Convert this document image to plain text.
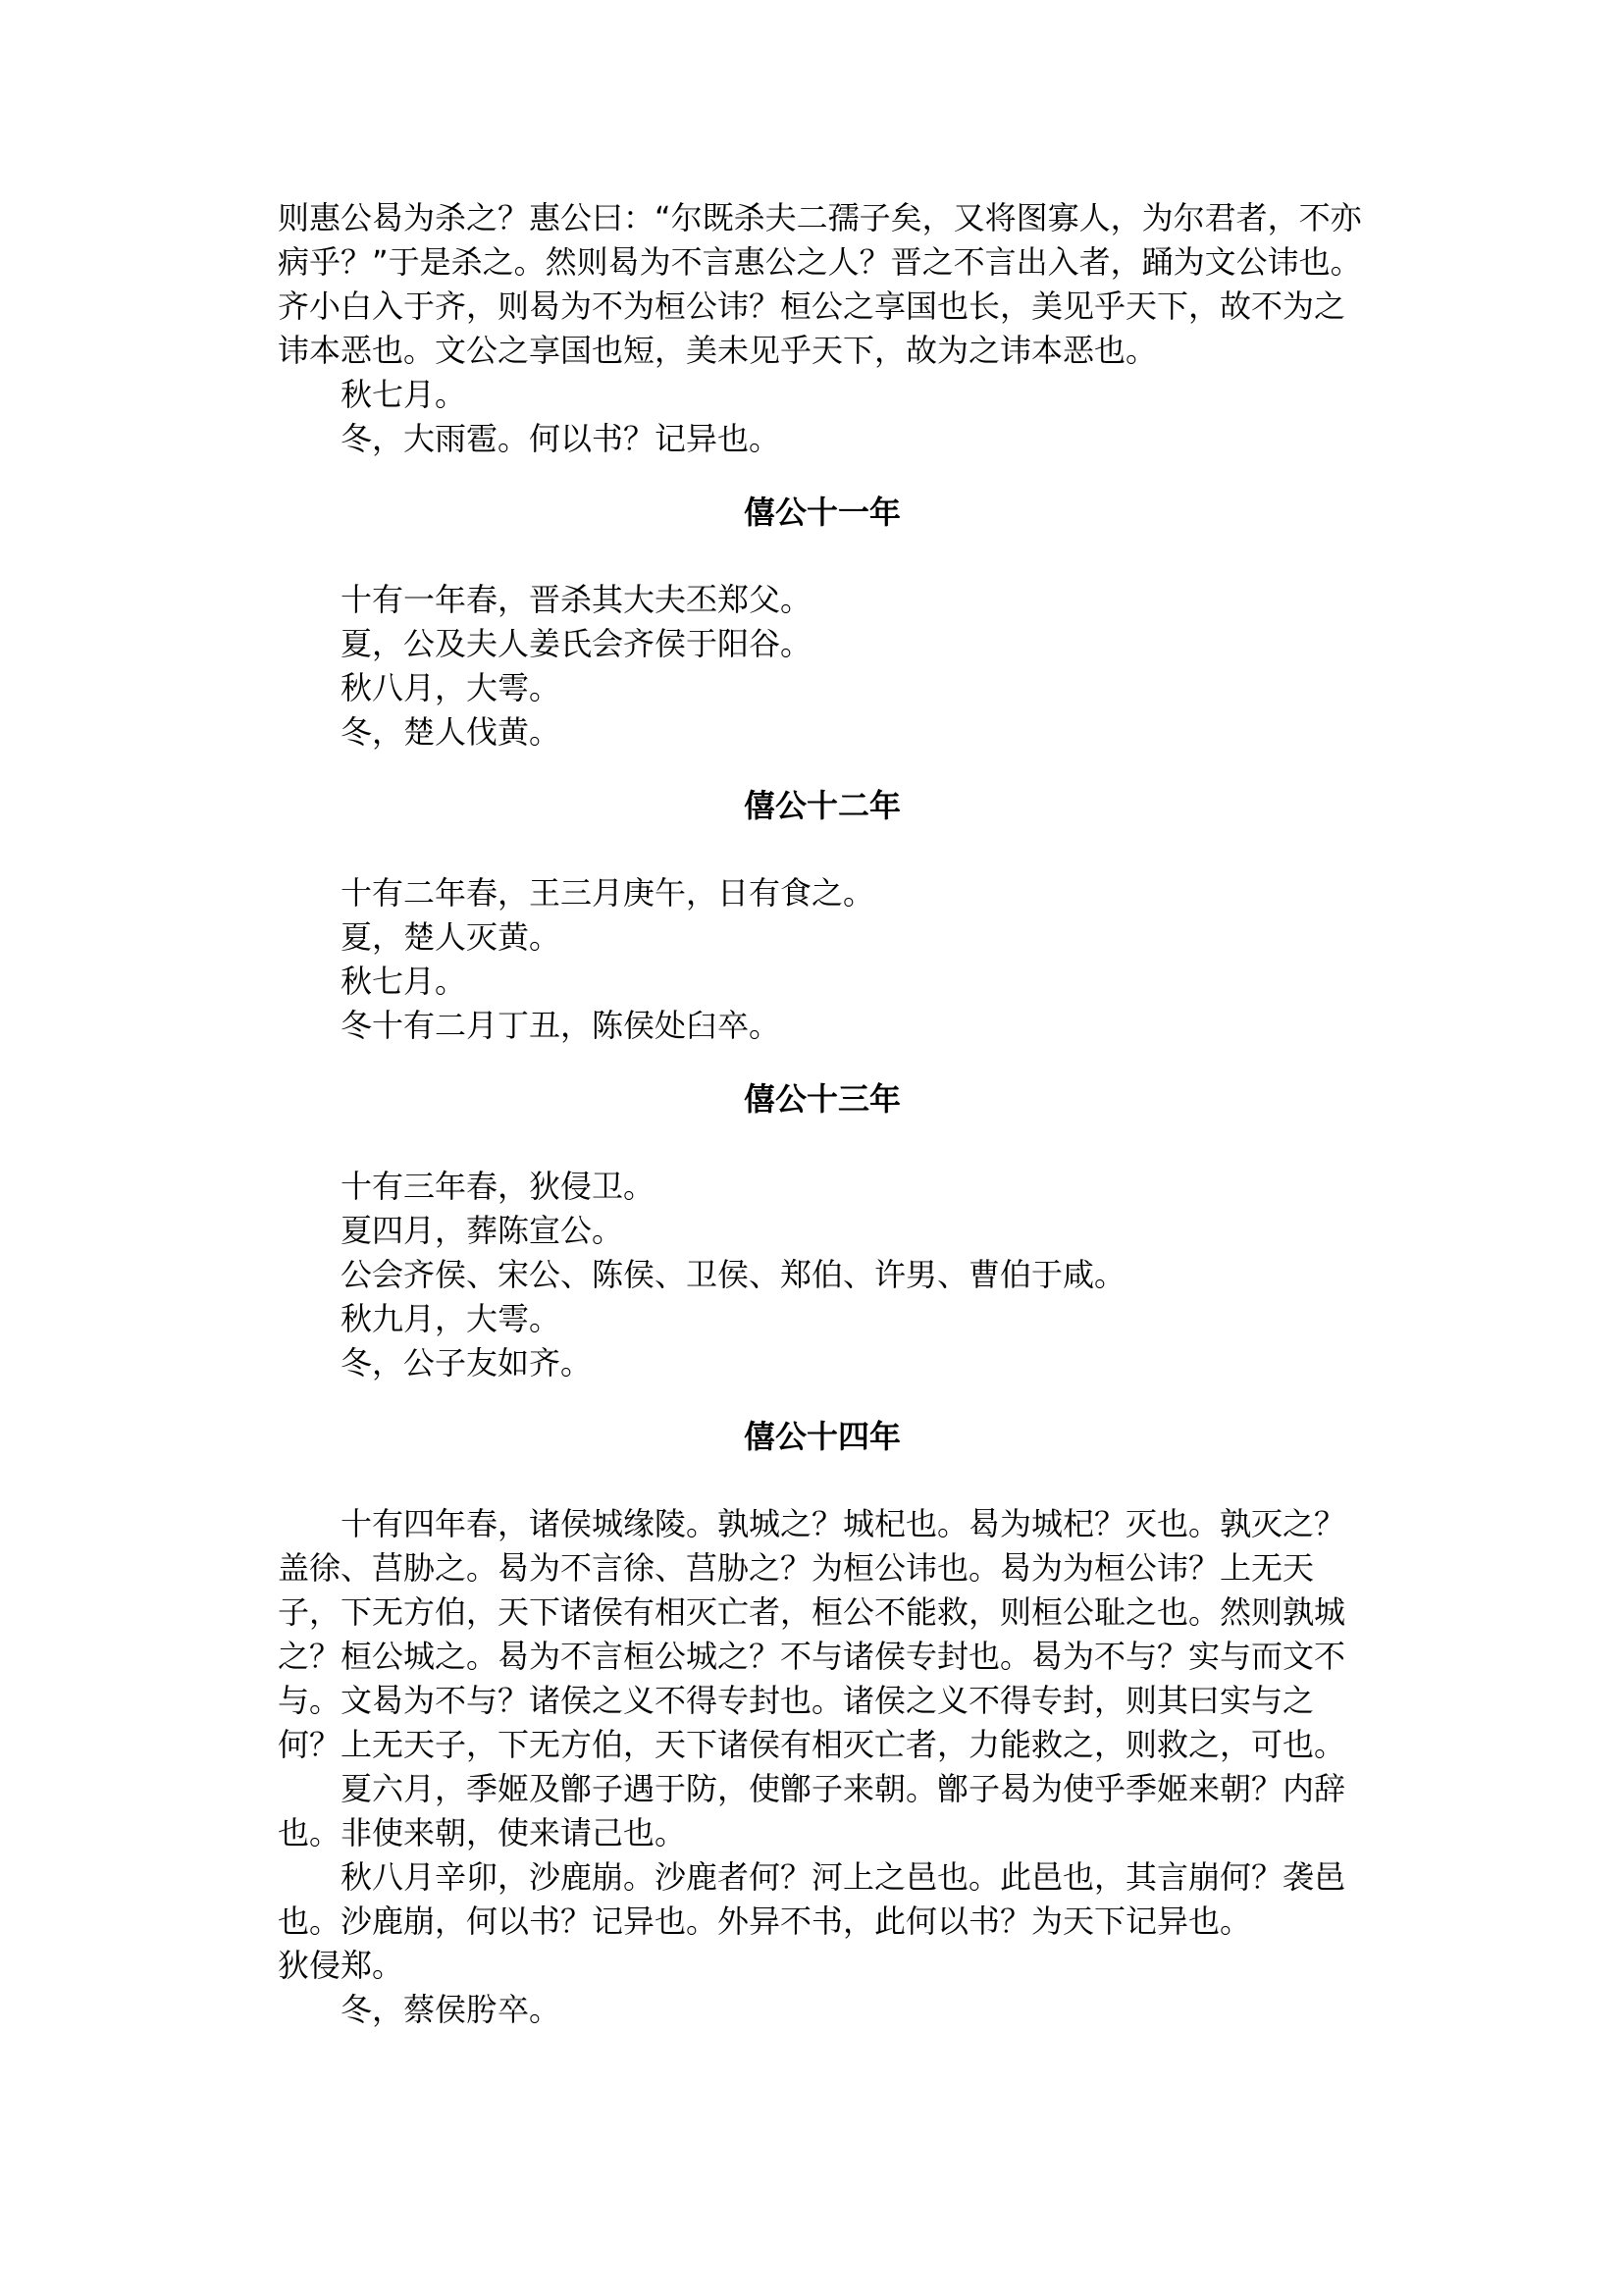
则惠公曷为杀之？惠公曰：“尔既杀夫二孺子矣，又将图寡人，为尔君者，不亦病乎？”于是杀之。然则曷为不言惠公之人？晋之不言出入者，踊为文公讳也。齐小白入于齐，则曷为不为桓公讳？桓公之享国也长，美见乎天下，故不为之讳本恶也。文公之享国也短，美未见乎天下，故为之讳本恶也。

秋七月。

冬，大雨雹。何以书？记异也。

僖公十一年

十有一年春，晋杀其大夫丕郑父。

夏，公及夫人姜氏会齐侯于阳谷。

秋八月，大雩。

冬，楚人伐黄。

僖公十二年

十有二年春，王三月庚午，日有食之。

夏，楚人灭黄。

秋七月。

冬十有二月丁丑，陈侯处臼卒。

僖公十三年

十有三年春，狄侵卫。

夏四月，葬陈宣公。

公会齐侯、宋公、陈侯、卫侯、郑伯、许男、曹伯于咸。

秋九月，大雩。

冬，公子友如齐。

僖公十四年

十有四年春，诸侯城缘陵。孰城之？城杞也。曷为城杞？灭也。孰灭之？盖徐、莒胁之。曷为不言徐、莒胁之？为桓公讳也。曷为为桓公讳？上无天子，下无方伯，天下诸侯有相灭亡者，桓公不能救，则桓公耻之也。然则孰城之？桓公城之。曷为不言桓公城之？不与诸侯专封也。曷为不与？实与而文不与。文曷为不与？诸侯之义不得专封也。诸侯之义不得专封，则其曰实与之何？上无天子，下无方伯，天下诸侯有相灭亡者，力能救之，则救之，可也。

夏六月，季姬及鄫子遇于防，使鄫子来朝。鄫子曷为使乎季姬来朝？内辞也。非使来朝，使来请己也。

秋八月辛卯，沙鹿崩。沙鹿者何？河上之邑也。此邑也，其言崩何？袭邑也。沙鹿崩，何以书？记异也。外异不书，此何以书？为天下记异也。

狄侵郑。

冬，蔡侯肹卒。
